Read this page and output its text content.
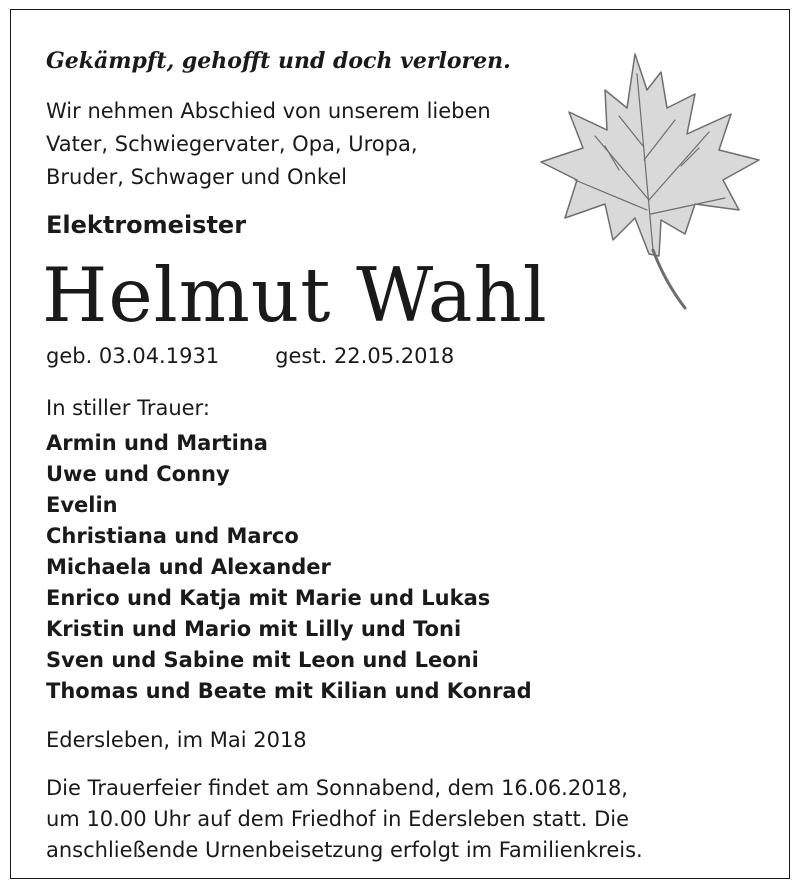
Gekämpft, gehofft und doch verloren.
Wir nehmen Abschied von unserem lieben
Vater, Schwiegervater, Opa, Uropa,
Bruder, Schwager und Onkel
Elektromeister
Helmut Wahl
geb. 03.04.1931	gest. 22.05.2018
In stiller Trauer:
Armin und Martina
Uwe und Conny
Evelin
Christiana und Marco
Michaela und Alexander
Enrico und Katja mit Marie und Lukas
Kristin und Mario mit Lilly und Toni
Sven und Sabine mit Leon und Leoni
Thomas und Beate mit Kilian und Konrad
Edersleben, im Mai 2018
Die Trauerfeier findet am Sonnabend, dem 16.06.2018,
um 10.00 Uhr auf dem Friedhof in Edersleben statt. Die
anschließende Urnenbeisetzung erfolgt im Familienkreis.
